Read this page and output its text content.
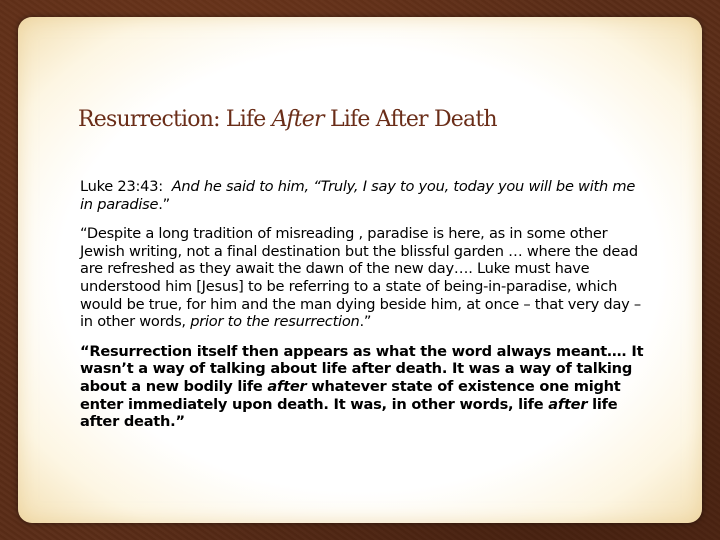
Resurrection: Life After Life After Death

Luke 23:43: And he said to him, “Truly, I say to you, today you will be with me in paradise.”

“Despite a long tradition of misreading , paradise is here, as in some other Jewish writing, not a final destination but the blissful garden … where the dead are refreshed as they await the dawn of the new day…. Luke must have understood him [Jesus] to be referring to a state of being-in-paradise, which would be true, for him and the man dying beside him, at once – that very day – in other words, prior to the resurrection.”

“Resurrection itself then appears as what the word always meant…. It wasn’t a way of talking about life after death. It was a way of talking about a new bodily life after whatever state of existence one might enter immediately upon death. It was, in other words, life after life after death.”
